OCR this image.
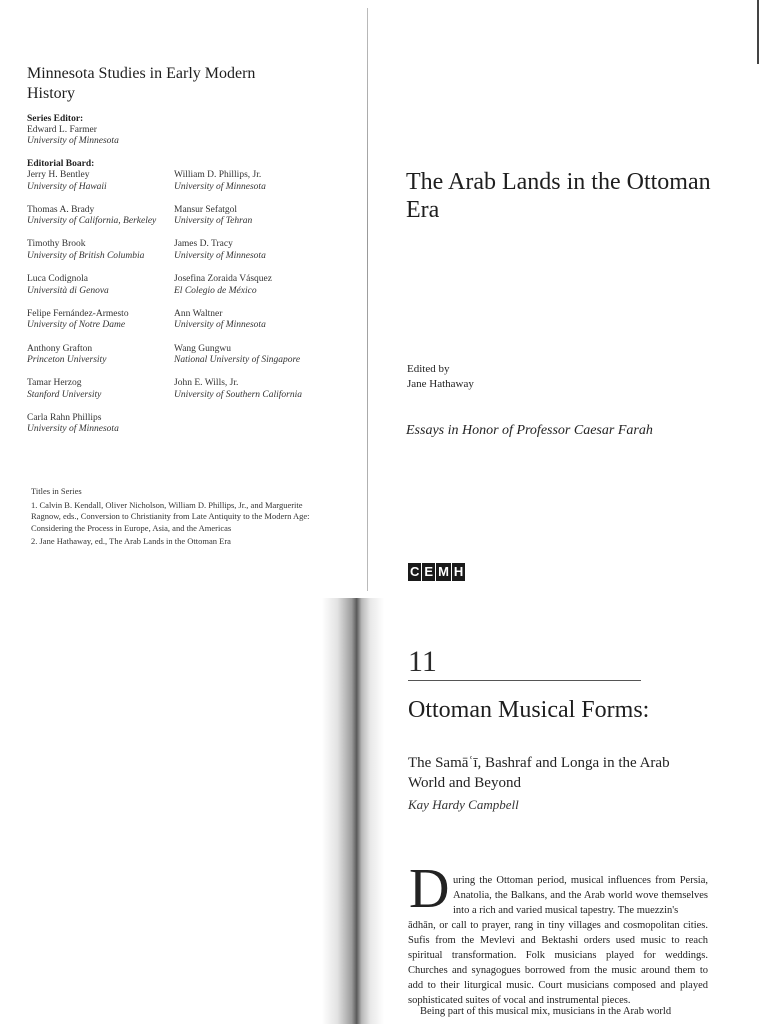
Minnesota Studies in Early Modern History
Series Editor:
Edward L. Farmer
University of Minnesota
Editorial Board:
Jerry H. Bentley
University of Hawaii
Thomas A. Brady
University of California, Berkeley
Timothy Brook
University of British Columbia
Luca Codignola
Università di Genova
Felipe Fernández-Armesto
University of Notre Dame
Anthony Grafton
Princeton University
Tamar Herzog
Stanford University
Carla Rahn Phillips
University of Minnesota
William D. Phillips, Jr.
University of Minnesota
Mansur Sefatgol
University of Tehran
James D. Tracy
University of Minnesota
Josefina Zoraida Vásquez
El Colegio de México
Ann Waltner
University of Minnesota
Wang Gungwu
National University of Singapore
John E. Wills, Jr.
University of Southern California
Titles in Series

1. Calvin B. Kendall, Oliver Nicholson, William D. Phillips, Jr., and Marguerite Ragnow, eds., Conversion to Christianity from Late Antiquity to the Modern Age: Considering the Process in Europe, Asia, and the Americas

2. Jane Hathaway, ed., The Arab Lands in the Ottoman Era

The Arab Lands in the Ottoman Era
Edited by
Jane Hathaway
Essays in Honor of Professor Caesar Farah
C E M H
11
Ottoman Musical Forms:
The Samāʿī, Bashraf and Longa in the Arab World and Beyond
Kay Hardy Campbell
D uring the Ottoman period, musical influences from Persia, Anatolia, the Balkans, and the Arab world wove themselves into a rich and varied musical tapestry. The muezzin's
ādhān, or call to prayer, rang in tiny villages and cosmopolitan cities. Sufis from the Mevlevi and Bektashi orders used music to reach spiritual transformation. Folk musicians played for weddings. Churches and synagogues borrowed from the music around them to add to their liturgical music. Court musicians composed and played sophisticated suites of vocal and instrumental pieces.
Being part of this musical mix, musicians in the Arab world
